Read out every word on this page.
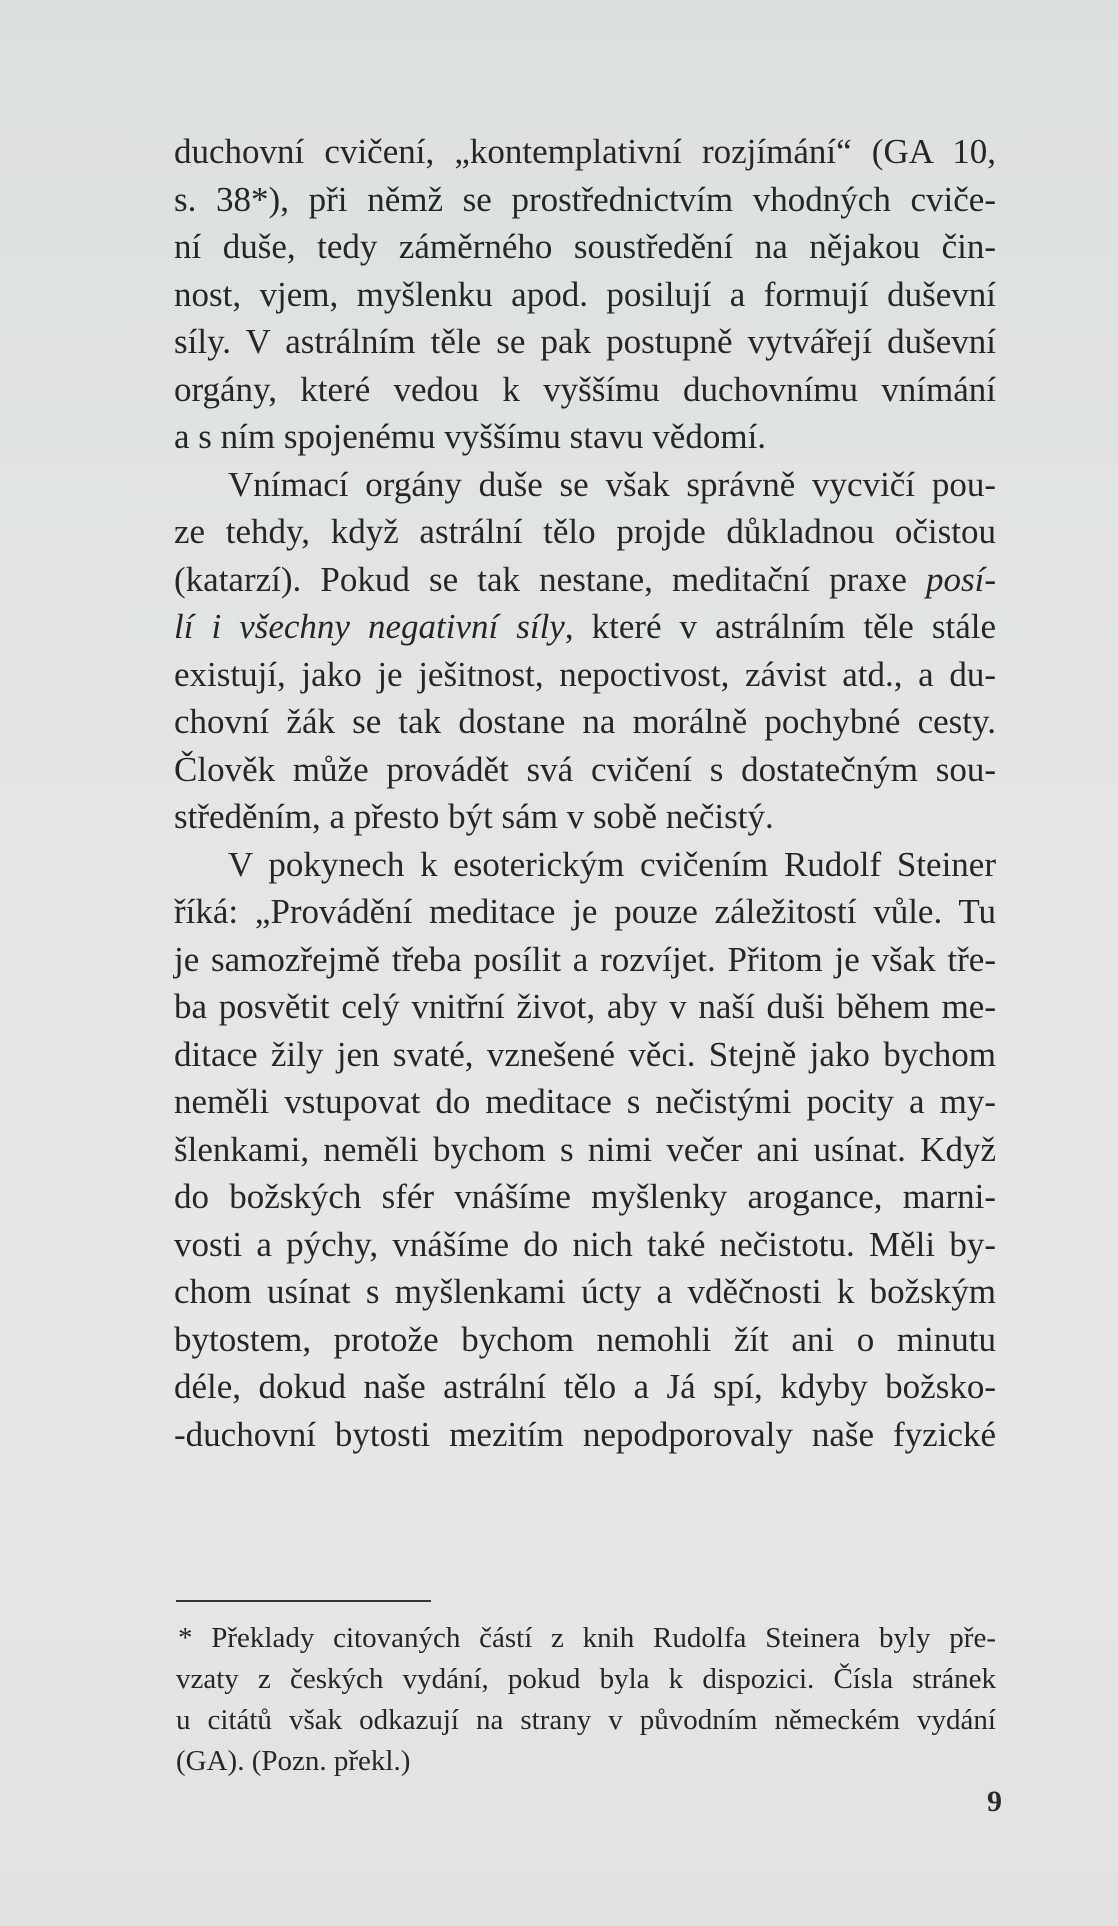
duchovní cvičení, „kontemplativní rozjímání“ (GA 10,
s. 38*), při němž se prostřednictvím vhodných cviče-
ní duše, tedy záměrného soustředění na nějakou čin-
nost, vjem, myšlenku apod. posilují a formují duševní
síly. V astrálním těle se pak postupně vytvářejí duševní
orgány, které vedou k vyššímu duchovnímu vnímání
a s ním spojenému vyššímu stavu vědomí.
Vnímací orgány duše se však správně vycvičí pou-
ze tehdy, když astrální tělo projde důkladnou očistou
(katarzí). Pokud se tak nestane, meditační praxe posí-
lí i všechny negativní síly, které v astrálním těle stále
existují, jako je ješitnost, nepoctivost, závist atd., a du-
chovní žák se tak dostane na morálně pochybné cesty.
Člověk může provádět svá cvičení s dostatečným sou-
středěním, a přesto být sám v sobě nečistý.
V pokynech k esoterickým cvičením Rudolf Steiner
říká: „Provádění meditace je pouze záležitostí vůle. Tu
je samozřejmě třeba posílit a rozvíjet. Přitom je však tře-
ba posvětit celý vnitřní život, aby v naší duši během me-
ditace žily jen svaté, vznešené věci. Stejně jako bychom
neměli vstupovat do meditace s nečistými pocity a my-
šlenkami, neměli bychom s nimi večer ani usínat. Když
do božských sfér vnášíme myšlenky arogance, marni-
vosti a pýchy, vnášíme do nich také nečistotu. Měli by-
chom usínat s myšlenkami úcty a vděčnosti k božským
bytostem, protože bychom nemohli žít ani o minutu
déle, dokud naše astrální tělo a Já spí, kdyby božsko-
-duchovní bytosti mezitím nepodporovaly naše fyzické
* Překlady citovaných částí z knih Rudolfa Steinera byly pře-
vzaty z českých vydání, pokud byla k dispozici. Čísla stránek
u citátů však odkazují na strany v původním německém vydání
(GA). (Pozn. překl.)
9
